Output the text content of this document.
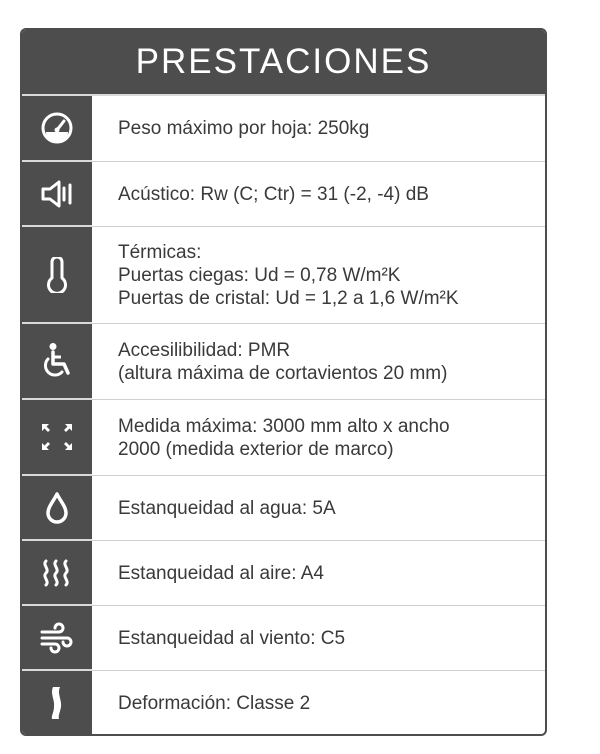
PRESTACIONES
Peso máximo por hoja: 250kg
Acústico: Rw (C; Ctr) = 31 (-2, -4) dB
Térmicas:
Puertas ciegas: Ud = 0,78 W/m²K
Puertas de cristal: Ud = 1,2 a 1,6 W/m²K
Accesilibilidad: PMR
(altura máxima de cortavientos 20 mm)
Medida máxima: 3000 mm alto x ancho
2000 (medida exterior de marco)
Estanqueidad al agua: 5A
Estanqueidad al aire: A4
Estanqueidad al viento: C5
Deformación: Classe 2
